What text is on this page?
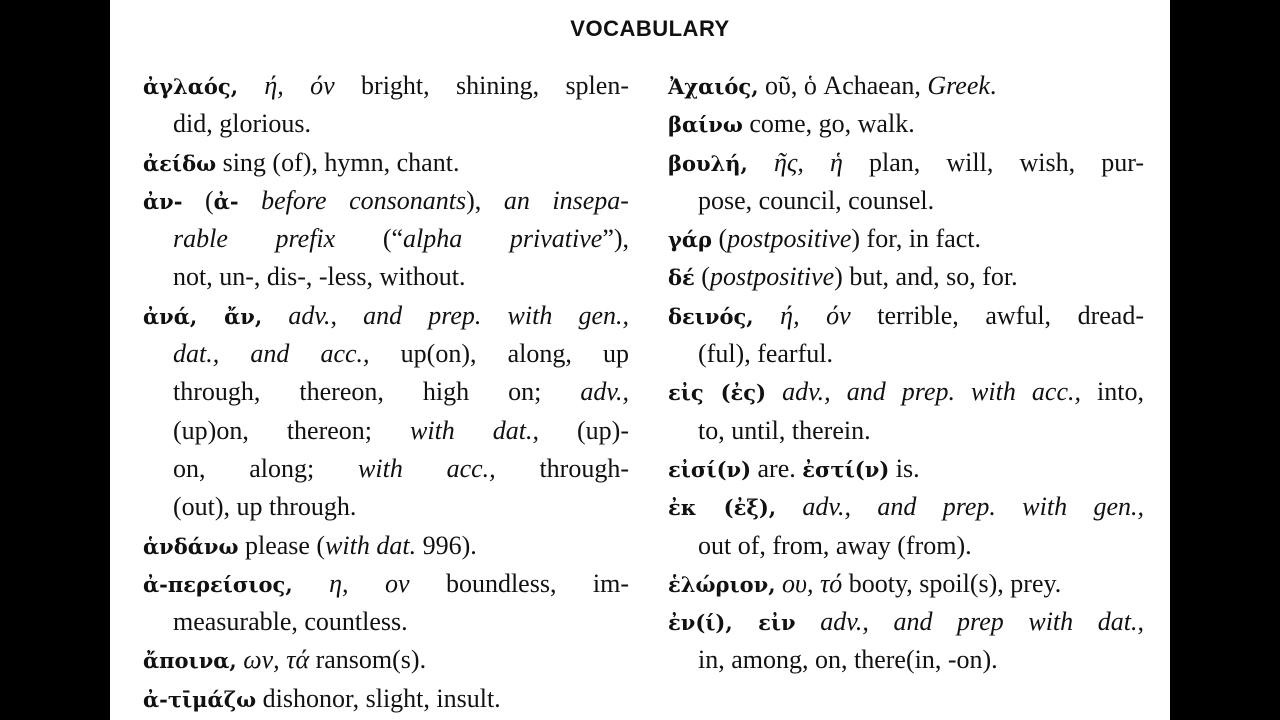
VOCABULARY
ἀγλαός, ή, όν bright, shining, splen-
did, glorious.
ἀείδω sing (of), hymn, chant.
ἀν- (ἀ- before consonants), an insepa-
rable prefix (“alpha privative”),
not, un-, dis-, -less, without.
ἀνά, ἄν, adv., and prep. with gen.,
dat., and acc., up(on), along, up
through, thereon, high on; adv.,
(up)on, thereon; with dat., (up)-
on, along; with acc., through-
(out), up through.
ἁνδάνω please (with dat. 996).
ἀ-περείσιος, η, ον boundless, im-
measurable, countless.
ἄποινα, ων, τά ransom(s).
ἀ-τῑμάζω dishonor, slight, insult.
Ἀχαιός, οῦ, ὁ Achaean, Greek.
βαίνω come, go, walk.
βουλή, ῆς, ἡ plan, will, wish, pur-
pose, council, counsel.
γάρ (postpositive) for, in fact.
δέ (postpositive) but, and, so, for.
δεινός, ή, όν terrible, awful, dread-
(ful), fearful.
εἰς (ἐς) adv., and prep. with acc., into,
to, until, therein.
εἰσί(ν) are. ἐστί(ν) is.
ἐκ (ἐξ), adv., and prep. with gen.,
out of, from, away (from).
ἑλώριον, ου, τό booty, spoil(s), prey.
ἐν(ί), εἰν adv., and prep with dat.,
in, among, on, there(in, -on).
